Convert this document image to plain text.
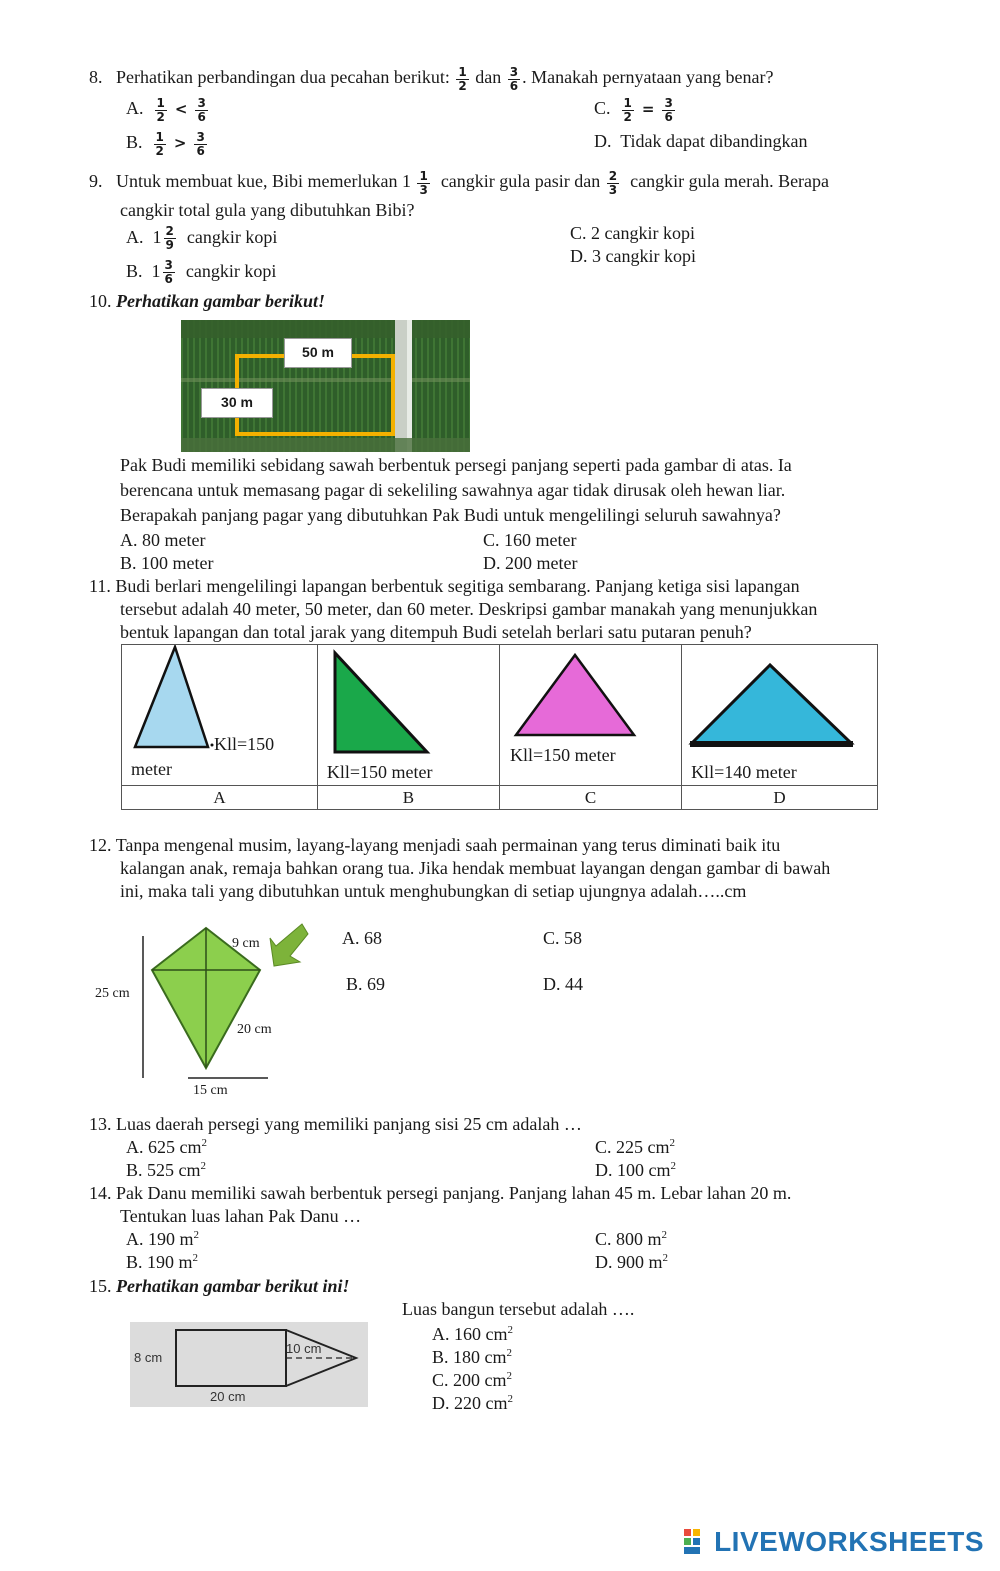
8. Perhatikan perbandingan dua pecahan berikut: $\frac{1}{2}$ dan $\frac{3}{6}$ . Manakah pernyataan yang benar?
A. $\frac{1}{2} < \frac{3}{6}$
B. $\frac{1}{2} > \frac{3}{6}$
C. $\frac{1}{2} = \frac{3}{6}$
D. Tidak dapat dibandingkan
9. Untuk membuat kue, Bibi memerlukan $1 \frac{1}{3}$ cangkir gula pasir dan $\frac{2}{3}$ cangkir gula merah. Berapa
cangkir total gula yang dibutuhkan Bibi?
A. $1 \frac{2}{9}$ cangkir kopi
B. $1 \frac{3}{6}$ cangkir kopi
C. 2 cangkir kopi
D. 3 cangkir kopi
10. Perhatikan gambar berikut!
50 m
30 m
Pak Budi memiliki sebidang sawah berbentuk persegi panjang seperti pada gambar di atas. Ia
berencana untuk memasang pagar di sekeliling sawahnya agar tidak dirusak oleh hewan liar.
Berapakah panjang pagar yang dibutuhkan Pak Budi untuk mengelilingi seluruh sawahnya?
A. 80 meter
B. 100 meter
C. 160 meter
D. 200 meter
11. Budi berlari mengelilingi lapangan berbentuk segitiga sembarang. Panjang ketiga sisi lapangan
tersebut adalah 40 meter, 50 meter, dan 60 meter. Deskripsi gambar manakah yang menunjukkan
bentuk lapangan dan total jarak yang ditempuh Budi setelah berlari satu putaran penuh?
Kll=150
meter	Kll=150 meter	Kll=150 meter	Kll=140 meter

A	B	C	D
12. Tanpa mengenal musim, layang-layang menjadi saah permainan yang terus diminati baik itu
kalangan anak, remaja bahkan orang tua. Jika hendak membuat layangan dengan gambar di bawah
ini, maka tali yang dibutuhkan untuk menghubungkan di setiap ujungnya adalah…..cm
9 cm
25 cm
20 cm
15 cm
A. 68
B. 69
C. 58
D. 44
13. Luas daerah persegi yang memiliki panjang sisi 25 cm adalah …
A. 625 $cm^2$
B. 525 $cm^2$
C. 225 $cm^2$
D. 100 $cm^2$
14. Pak Danu memiliki sawah berbentuk persegi panjang. Panjang lahan 45 m. Lebar lahan 20 m.
Tentukan luas lahan Pak Danu …
A. 190 $m^2$
B. 190 $m^2$
C. 800 $m^2$
D. 900 $m^2$
15. Perhatikan gambar berikut ini!
Luas bangun tersebut adalah ….
8 cm
10 cm
20 cm
A. 160 $cm^2$
B. 180 $cm^2$
C. 200 $cm^2$
D. 220 $cm^2$
LIVEWORKSHEETS
